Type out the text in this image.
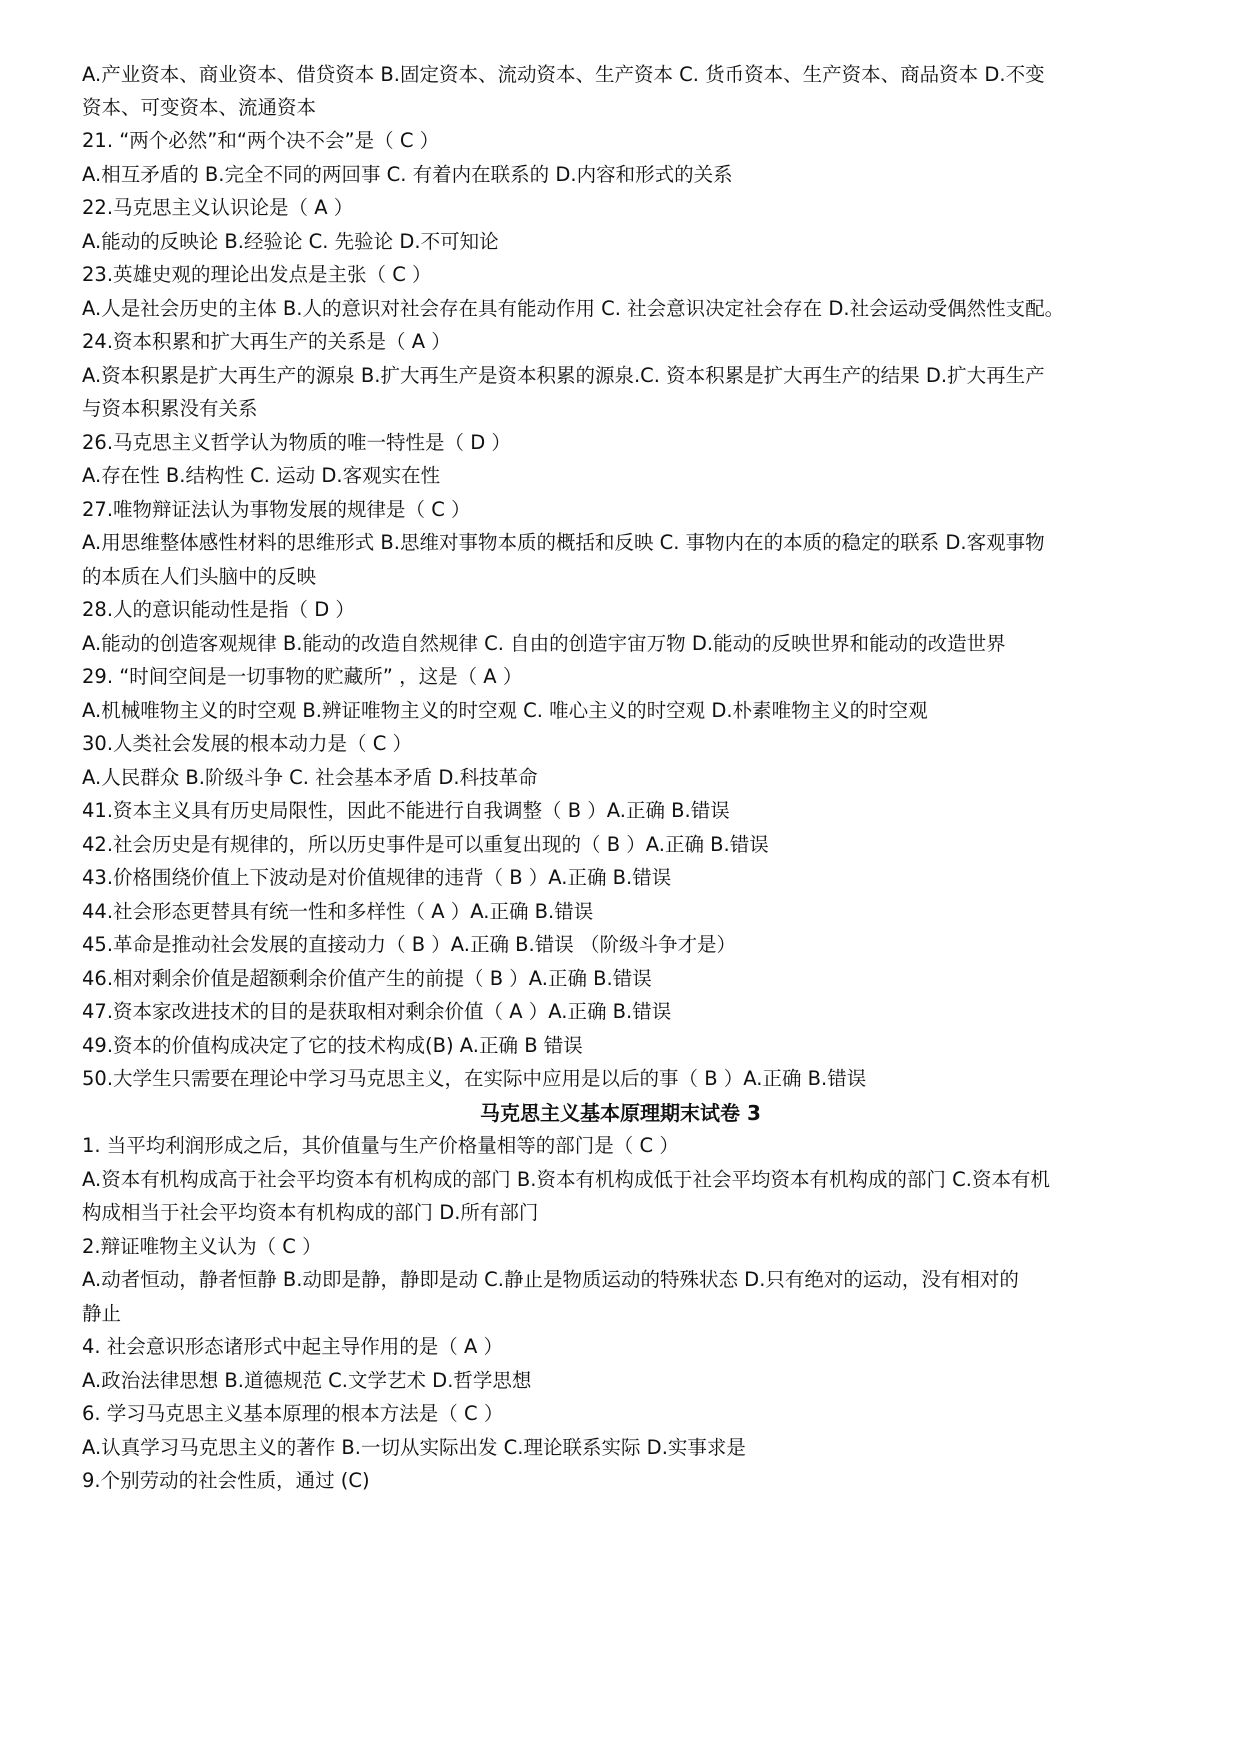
A.产业资本、商业资本、借贷资本 B.固定资本、流动资本、生产资本 C. 货币资本、生产资本、商品资本 D.不变
资本、可变资本、流通资本
21. “两个必然”和“两个决不会”是（ C ）
A.相互矛盾的 B.完全不同的两回事 C. 有着内在联系的 D.内容和形式的关系
22.马克思主义认识论是（ A ）
A.能动的反映论 B.经验论 C. 先验论 D.不可知论
23.英雄史观的理论出发点是主张（ C ）
A.人是社会历史的主体 B.人的意识对社会存在具有能动作用 C. 社会意识决定社会存在 D.社会运动受偶然性支配。
24.资本积累和扩大再生产的关系是（ A ）
A.资本积累是扩大再生产的源泉 B.扩大再生产是资本积累的源泉.C. 资本积累是扩大再生产的结果 D.扩大再生产
与资本积累没有关系
26.马克思主义哲学认为物质的唯一特性是（ D ）
A.存在性 B.结构性 C. 运动 D.客观实在性
27.唯物辩证法认为事物发展的规律是（ C ）
A.用思维整体感性材料的思维形式 B.思维对事物本质的概括和反映 C. 事物内在的本质的稳定的联系 D.客观事物
的本质在人们头脑中的反映
28.人的意识能动性是指（ D ）
A.能动的创造客观规律 B.能动的改造自然规律 C. 自由的创造宇宙万物 D.能动的反映世界和能动的改造世界
29. “时间空间是一切事物的贮藏所” ，这是（ A ）
A.机械唯物主义的时空观 B.辨证唯物主义的时空观 C. 唯心主义的时空观 D.朴素唯物主义的时空观
30.人类社会发展的根本动力是（ C ）
A.人民群众 B.阶级斗争 C. 社会基本矛盾 D.科技革命
41.资本主义具有历史局限性，因此不能进行自我调整（ B ）A.正确 B.错误
42.社会历史是有规律的，所以历史事件是可以重复出现的（ B ）A.正确 B.错误
43.价格围绕价值上下波动是对价值规律的违背（ B ）A.正确 B.错误
44.社会形态更替具有统一性和多样性（ A ）A.正确 B.错误
45.革命是推动社会发展的直接动力（ B ）A.正确 B.错误 （阶级斗争才是）
46.相对剩余价值是超额剩余价值产生的前提（ B ）A.正确 B.错误
47.资本家改进技术的目的是获取相对剩余价值（ A ）A.正确 B.错误
49.资本的价值构成决定了它的技术构成(B) A.正确 B 错误
50.大学生只需要在理论中学习马克思主义，在实际中应用是以后的事（ B ）A.正确 B.错误
马克思主义基本原理期末试卷 3
1. 当平均利润形成之后，其价值量与生产价格量相等的部门是（ C ）
A.资本有机构成高于社会平均资本有机构成的部门 B.资本有机构成低于社会平均资本有机构成的部门 C.资本有机
构成相当于社会平均资本有机构成的部门 D.所有部门
2.辩证唯物主义认为（ C ）
A.动者恒动，静者恒静 B.动即是静，静即是动 C.静止是物质运动的特殊状态 D.只有绝对的运动，没有相对的
静止
4. 社会意识形态诸形式中起主导作用的是（ A ）
A.政治法律思想 B.道德规范 C.文学艺术 D.哲学思想
6. 学习马克思主义基本原理的根本方法是（ C ）
A.认真学习马克思主义的著作 B.一切从实际出发 C.理论联系实际 D.实事求是
9.个别劳动的社会性质，通过 (C)
